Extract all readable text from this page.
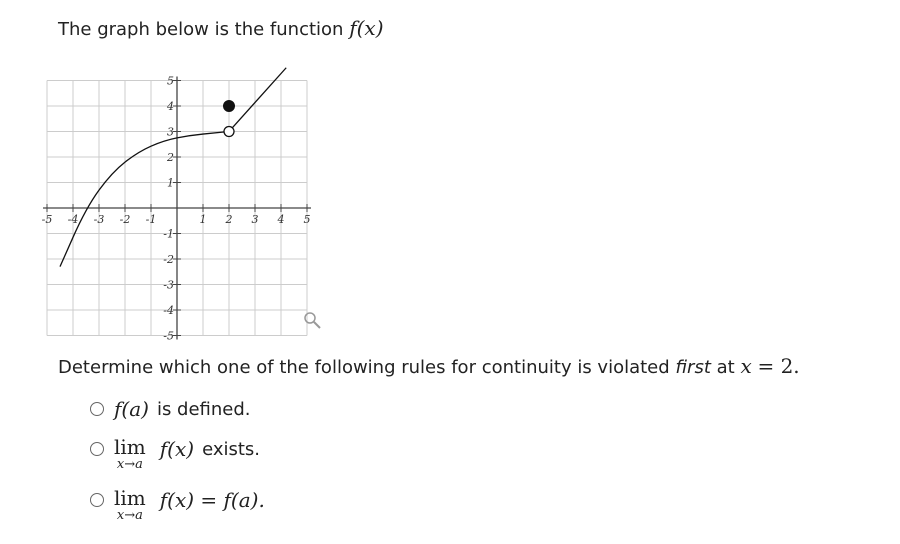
The graph below is the function f(x)
-5 -4 -3 -2 -1	1 2 3 4 5
5
4
3
2
1
-1
-2
-3
-4
-5
Determine which one of the following rules for continuity is violated first at x = 2.
f(a) is defined.
lim
x→a
f(x) exists.
lim
x→a
f(x) = f(a).
